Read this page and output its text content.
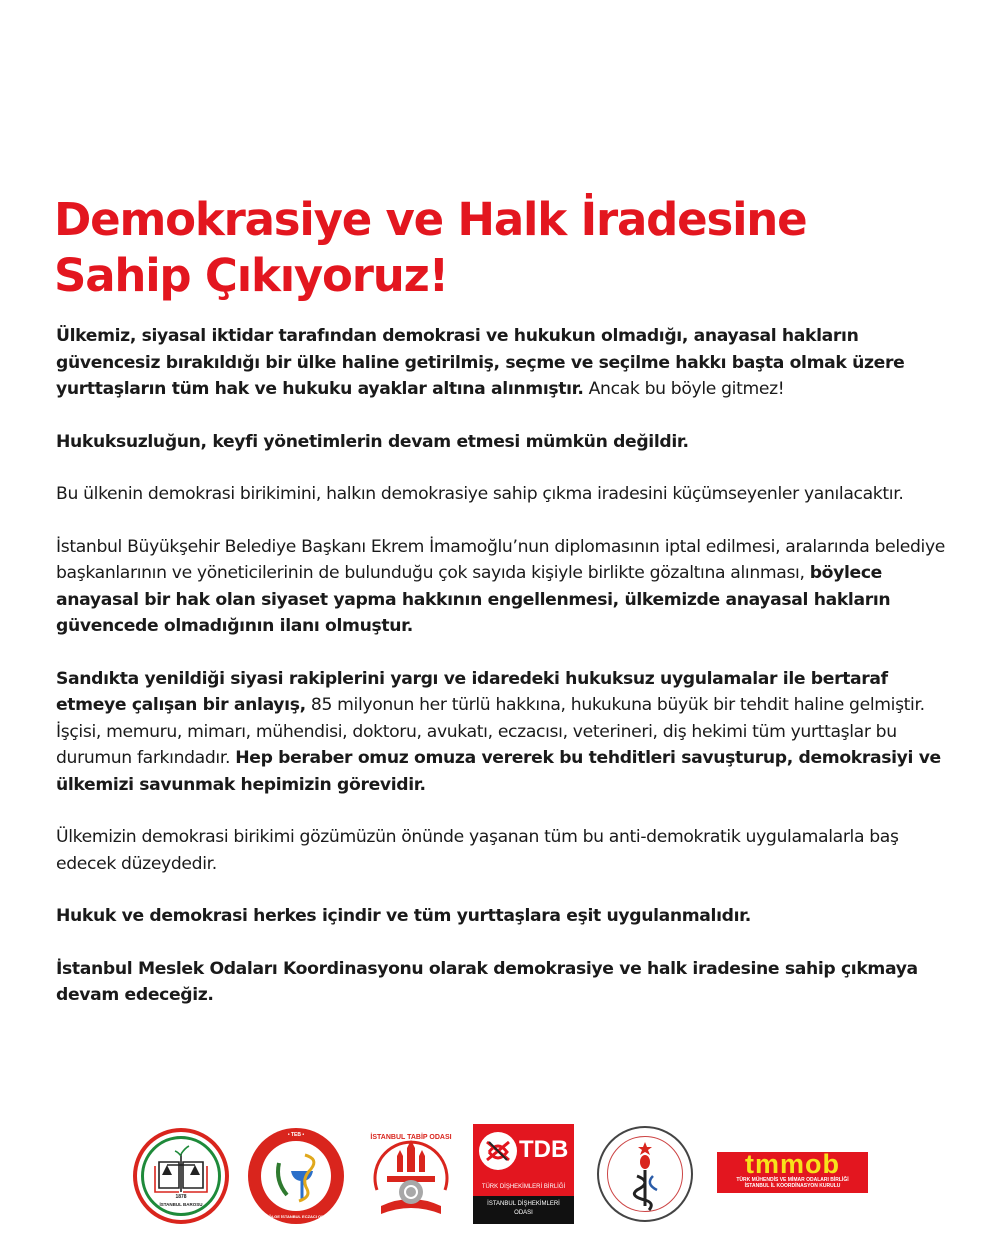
Demokrasiye ve Halk İradesine
Sahip Çıkıyoruz!

Ülkemiz, siyasal iktidar tarafından demokrasi ve hukukun olmadığı, anayasal hakların güvencesiz bırakıldığı bir ülke haline getirilmiş, seçme ve seçilme hakkı başta olmak üzere yurttaşların tüm hak ve hukuku ayaklar altına alınmıştır. Ancak bu böyle gitmez!

Hukuksuzluğun, keyfi yönetimlerin devam etmesi mümkün değildir.

Bu ülkenin demokrasi birikimini, halkın demokrasiye sahip çıkma iradesini küçümseyenler yanılacaktır.

İstanbul Büyükşehir Belediye Başkanı Ekrem İmamoğlu’nun diplomasının iptal edilmesi, aralarında belediye başkanlarının ve yöneticilerinin de bulunduğu çok sayıda kişiyle birlikte gözaltına alınması, böylece anayasal bir hak olan siyaset yapma hakkının engellenmesi, ülkemizde anayasal hakların güvencede olmadığının ilanı olmuştur.

Sandıkta yenildiği siyasi rakiplerini yargı ve idaredeki hukuksuz uygulamalar ile bertaraf etmeye çalışan bir anlayış, 85 milyonun her türlü hakkına, hukukuna büyük bir tehdit haline gelmiştir. İşçisi, memuru, mimarı, mühendisi, doktoru, avukatı, eczacısı, veterineri, diş hekimi tüm yurttaşlar bu durumun farkındadır. Hep beraber omuz omuza vererek bu tehditleri savuşturup, demokrasiyi ve ülkemizi savunmak hepimizin görevidir.

Ülkemizin demokrasi birikimi gözümüzün önünde yaşanan tüm bu anti-demokratik uygulamalarla baş edecek düzeydedir.

Hukuk ve demokrasi herkes içindir ve tüm yurttaşlara eşit uygulanmalıdır.

İstanbul Meslek Odaları Koordinasyonu olarak demokrasiye ve halk iradesine sahip çıkmaya devam edeceğiz.

1878
İSTANBUL BAROSU
• TEB •
1. BÖLGE İSTANBUL ECZACI ODASI
İSTANBUL TABİP ODASI
1929
TDB
TÜRK DİŞHEKİMLERİ BİRLİĞİ
İSTANBUL DİŞHEKİMLERİ
ODASI
tmmob
TÜRK MÜHENDİS VE MİMAR ODALARI BİRLİĞİ
İSTANBUL İL KOORDİNASYON KURULU
